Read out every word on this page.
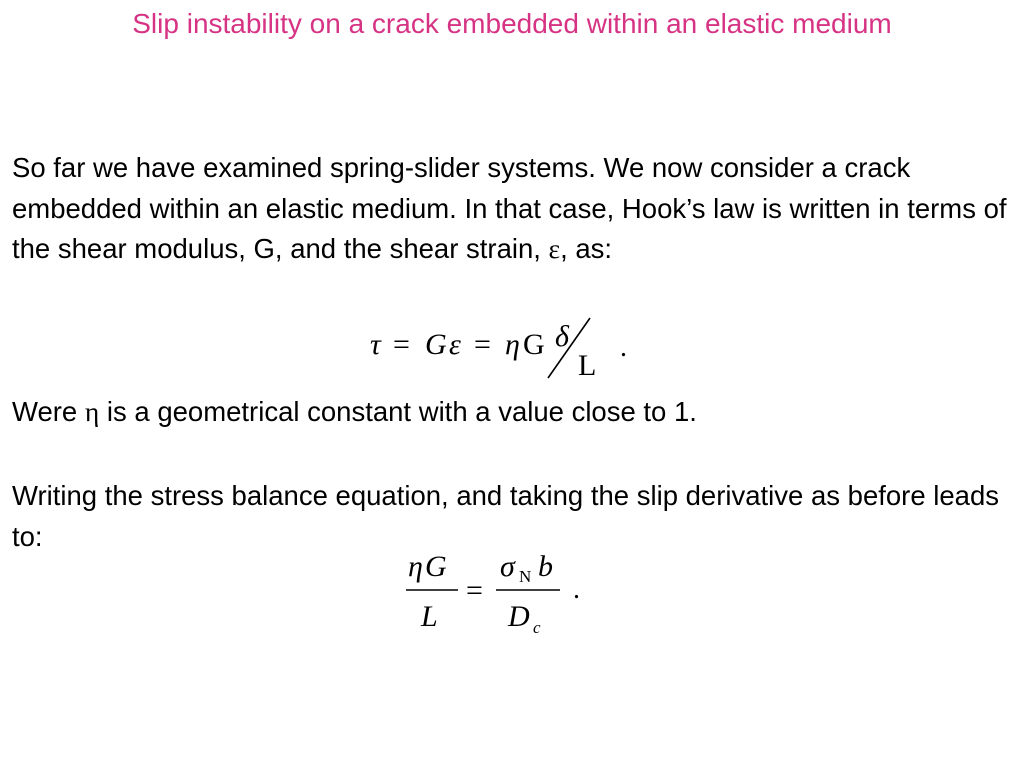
Slip instability on a crack embedded within an elastic medium
So far we have examined spring-slider systems. We now consider a crack embedded within an elastic medium. In that case, Hook’s law is written in terms of the shear modulus, G, and the shear strain, ε, as:
τ = G ε = η G δ
L
.
Were η is a geometrical constant with a value close to 1.
Writing the stress balance equation, and taking the slip derivative as before leads to:
η G
L
=
σ N b
D c
.
